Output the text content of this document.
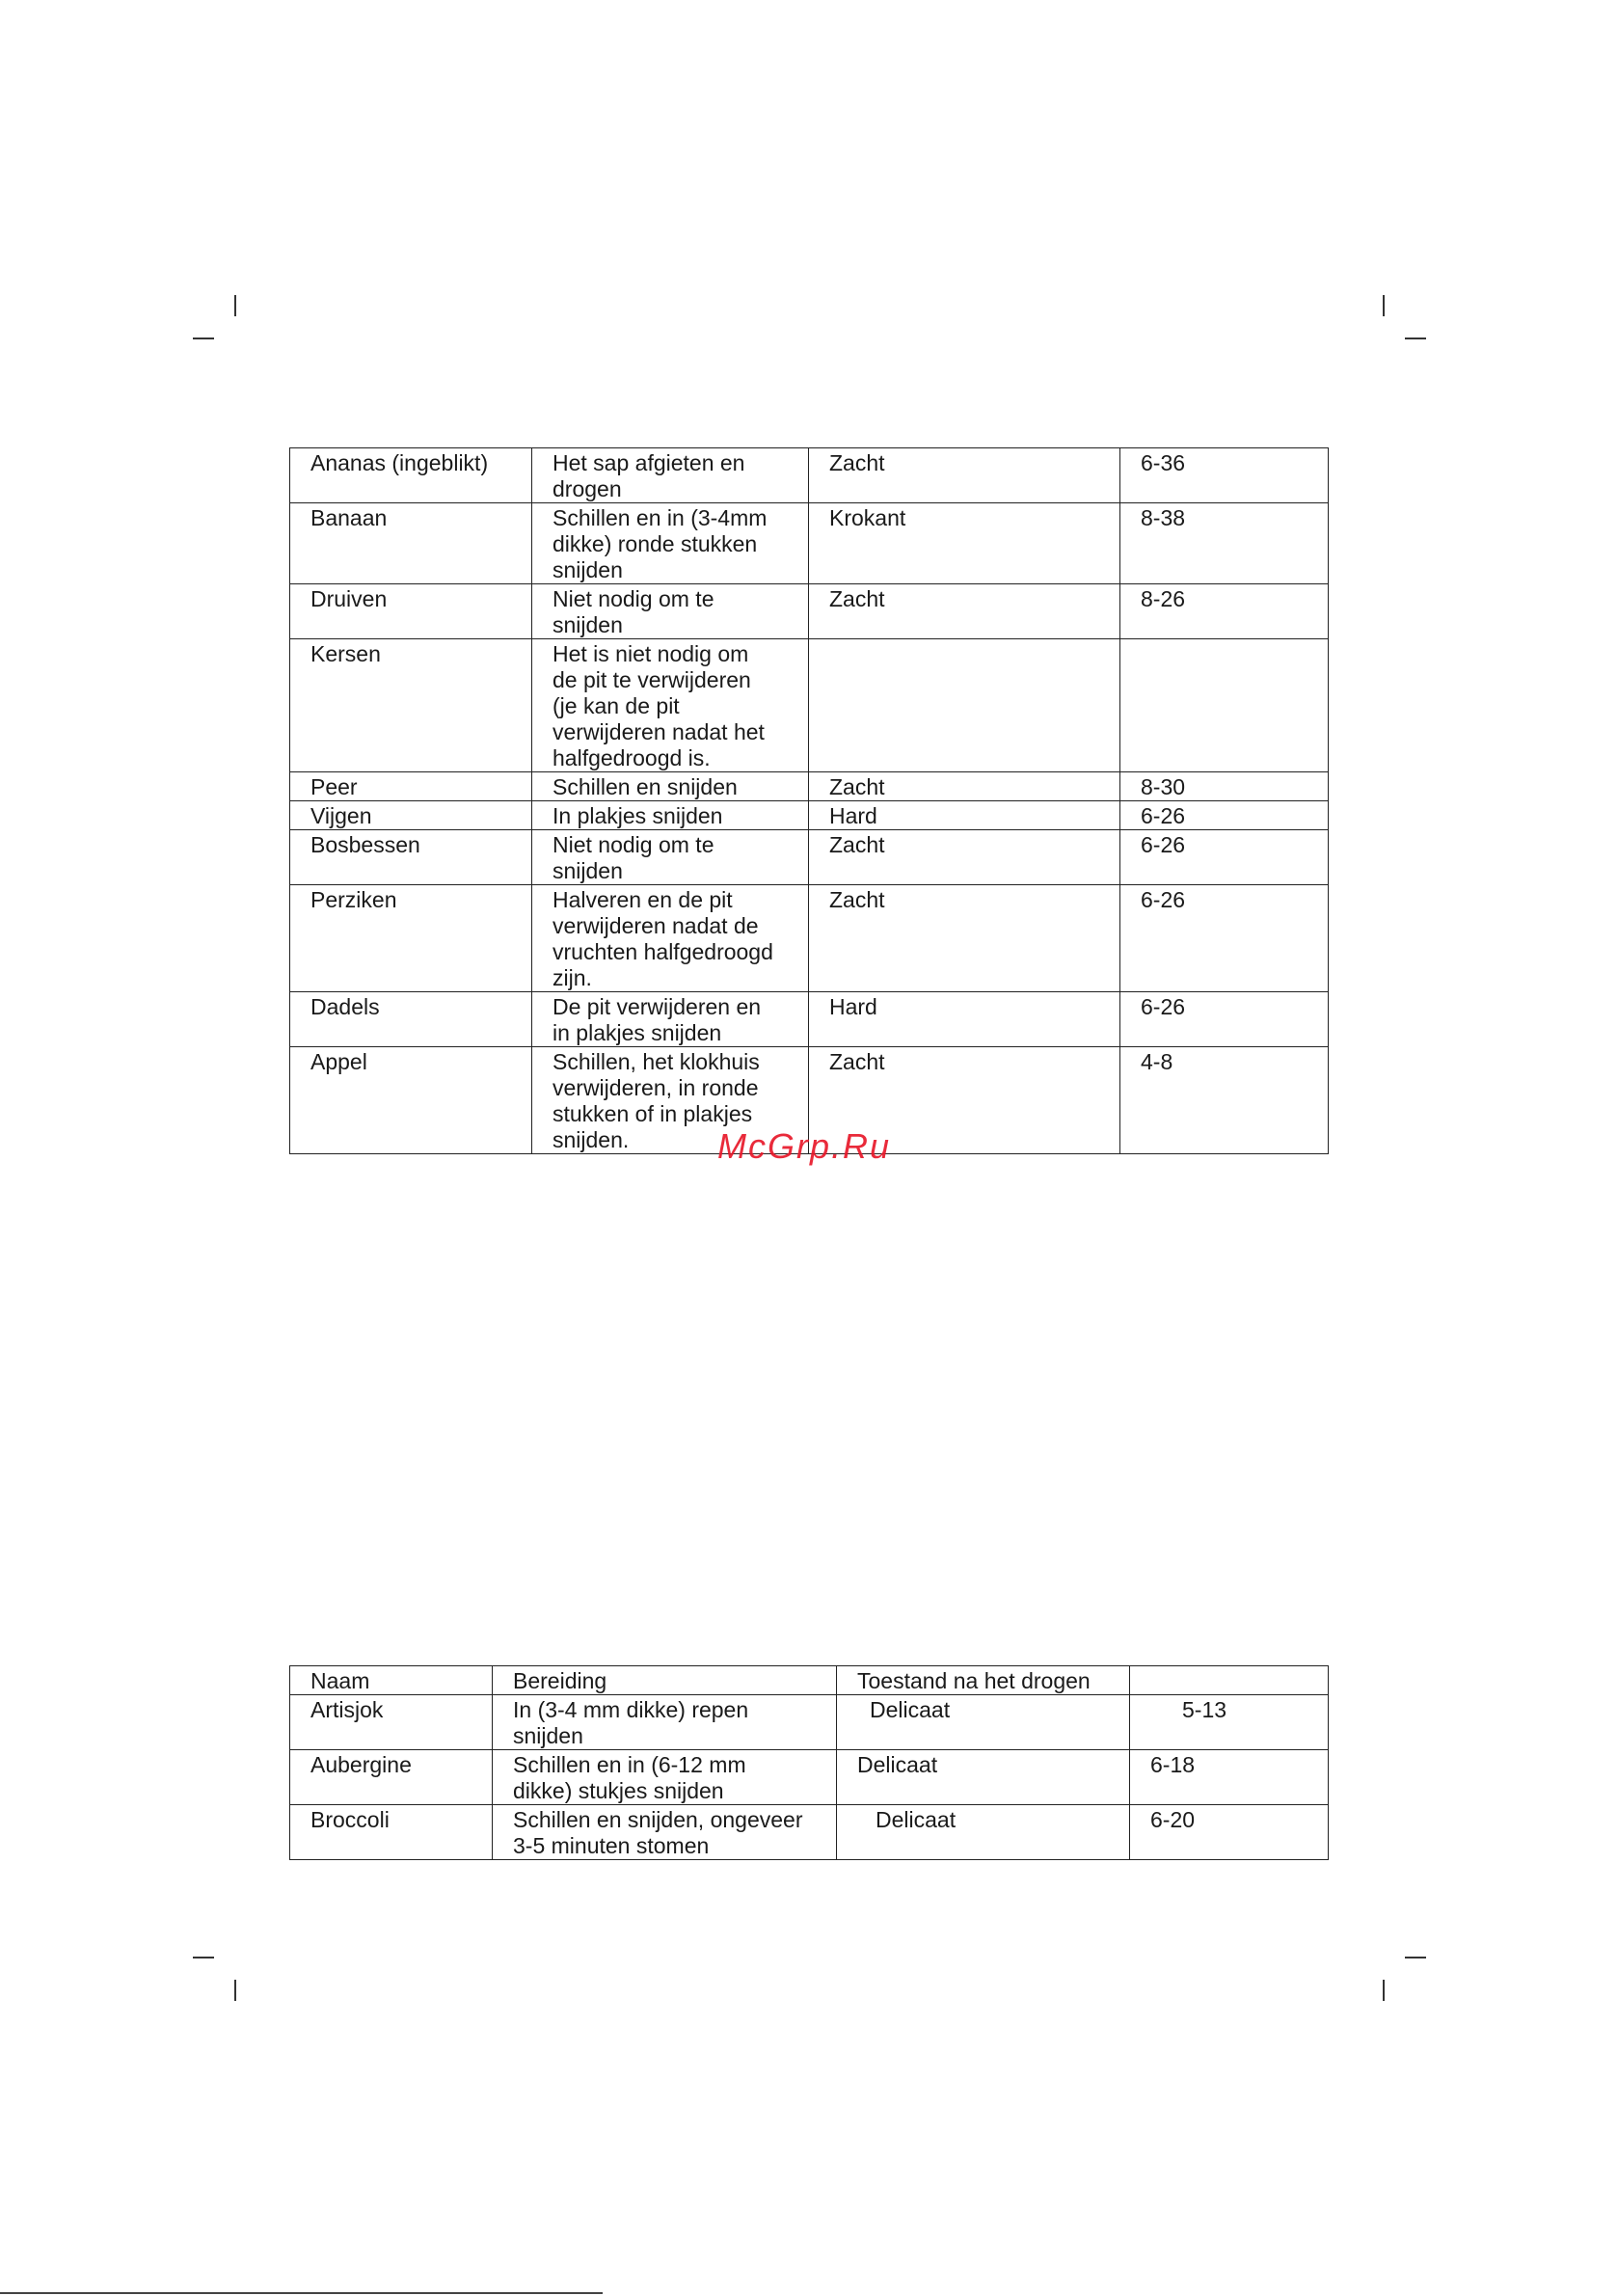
Ananas (ingeblikt)	Het sap afgieten en
drogen	Zacht	6-36
Banaan	Schillen en in (3-4mm
dikke) ronde stukken
snijden	Krokant	8-38
Druiven	Niet nodig om te
snijden	Zacht	8-26
Kersen	Het is niet nodig om
de pit te verwijderen
(je kan de pit
verwijderen nadat het
halfgedroogd is.		
Peer	Schillen en snijden	Zacht	8-30
Vijgen	In plakjes snijden	Hard	6-26
Bosbessen	Niet nodig om te
snijden	Zacht	6-26
Perziken	Halveren en de pit
verwijderen nadat de
vruchten halfgedroogd
zijn.	Zacht	6-26
Dadels	De pit verwijderen en
in plakjes snijden	Hard	6-26
Appel	Schillen, het klokhuis
verwijderen, in ronde
stukken of in plakjes
snijden.	Zacht	4-8
McGrp.Ru
Naam	Bereiding	Toestand na het drogen	
Artisjok	In (3-4 mm dikke) repen
snijden	Delicaat	5-13
Aubergine	Schillen en in (6-12 mm
dikke) stukjes snijden	Delicaat	6-18
Broccoli	Schillen en snijden, ongeveer
3-5 minuten stomen	Delicaat	6-20
